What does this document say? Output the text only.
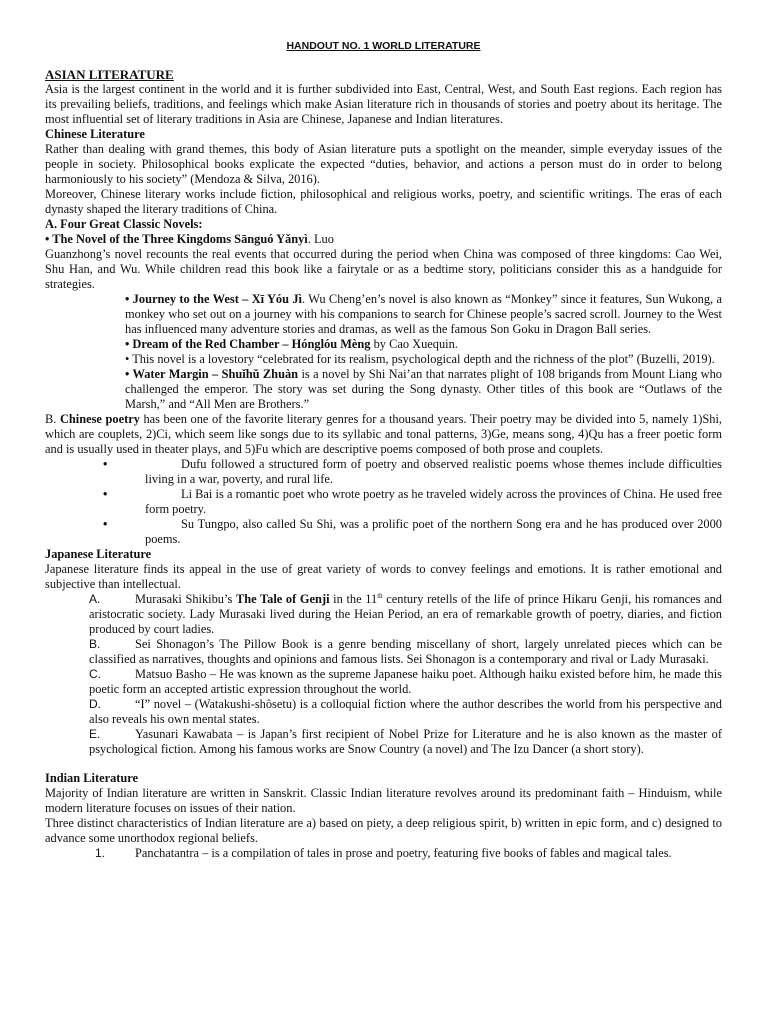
HANDOUT NO. 1 WORLD LITERATURE

ASIAN LITERATURE

Asia is the largest continent in the world and it is further subdivided into East, Central, West, and South East regions. Each region has its prevailing beliefs, traditions, and feelings which make Asian literature rich in thousands of stories and poetry about its heritage. The most influential set of literary traditions in Asia are Chinese, Japanese and Indian literatures.

Chinese Literature

Rather than dealing with grand themes, this body of Asian literature puts a spotlight on the meander, simple everyday issues of the people in society. Philosophical books explicate the expected “duties, behavior, and actions a person must do in order to belong harmoniously to his society” (Mendoza & Silva, 2016).

Moreover, Chinese literary works include fiction, philosophical and religious works, poetry, and scientific writings. The eras of each dynasty shaped the literary traditions of China.

A. Four Great Classic Novels:

• The Novel of the Three Kingdoms Sānguó Yǎnyì. Luo

Guanzhong’s novel recounts the real events that occurred during the period when China was composed of three kingdoms: Cao Wei, Shu Han, and Wu. While children read this book like a fairytale or as a bedtime story, politicians consider this as a handguide for strategies.

• Journey to the West – Xī Yóu Jì. Wu Cheng’en’s novel is also known as “Monkey” since it features, Sun Wukong, a monkey who set out on a journey with his companions to search for Chinese people’s sacred scroll. Journey to the West has influenced many adventure stories and dramas, as well as the famous Son Goku in Dragon Ball series.

• Dream of the Red Chamber – Hónglóu Mèng by Cao Xuequin.

• This novel is a lovestory “celebrated for its realism, psychological depth and the richness of the plot” (Buzelli, 2019).

• Water Margin – Shuǐhǔ Zhuàn is a novel by Shi Nai’an that narrates plight of 108 brigands from Mount Liang who challenged the emperor. The story was set during the Song dynasty. Other titles of this book are “Outlaws of the Marsh,” and “All Men are Brothers.”

B. Chinese poetry has been one of the favorite literary genres for a thousand years. Their poetry may be divided into 5, namely 1)Shi, which are couplets, 2)Ci, which seem like songs due to its syllabic and tonal patterns, 3)Ge, means song, 4)Qu has a freer poetic form and is usually used in theater plays, and 5)Fu which are descriptive poems composed of both prose and couplets.

•	Dufu followed a structured form of poetry and observed realistic poems whose themes include difficulties living in a war, poverty, and rural life.

•	Li Bai is a romantic poet who wrote poetry as he traveled widely across the provinces of China. He used free form poetry.

•	Su Tungpo, also called Su Shi, was a prolific poet of the northern Song era and he has produced over 2000 poems.

Japanese Literature

Japanese literature finds its appeal in the use of great variety of words to convey feelings and emotions. It is rather emotional and subjective than intellectual.

A.	Murasaki Shikibu’s The Tale of Genji in the 11th century retells of the life of prince Hikaru Genji, his romances and aristocratic society. Lady Murasaki lived during the Heian Period, an era of remarkable growth of poetry, diaries, and fiction produced by court ladies.

B.	Sei Shonagon’s The Pillow Book is a genre bending miscellany of short, largely unrelated pieces which can be classified as narratives, thoughts and opinions and famous lists. Sei Shonagon is a contemporary and rival or Lady Murasaki.

C.	Matsuo Basho – He was known as the supreme Japanese haiku poet. Although haiku existed before him, he made this poetic form an accepted artistic expression throughout the world.

D.	“I” novel – (Watakushi-shôsetu) is a colloquial fiction where the author describes the world from his perspective and also reveals his own mental states.

E.	Yasunari Kawabata – is Japan’s first recipient of Nobel Prize for Literature and he is also known as the master of psychological fiction. Among his famous works are Snow Country (a novel) and The Izu Dancer (a short story).

Indian Literature

Majority of Indian literature are written in Sanskrit. Classic Indian literature revolves around its predominant faith – Hinduism, while modern literature focuses on issues of their nation.

Three distinct characteristics of Indian literature are a) based on piety, a deep religious spirit, b) written in epic form, and c) designed to advance some unorthodox regional beliefs.

1.	Panchatantra – is a compilation of tales in prose and poetry, featuring five books of fables and magical tales.
